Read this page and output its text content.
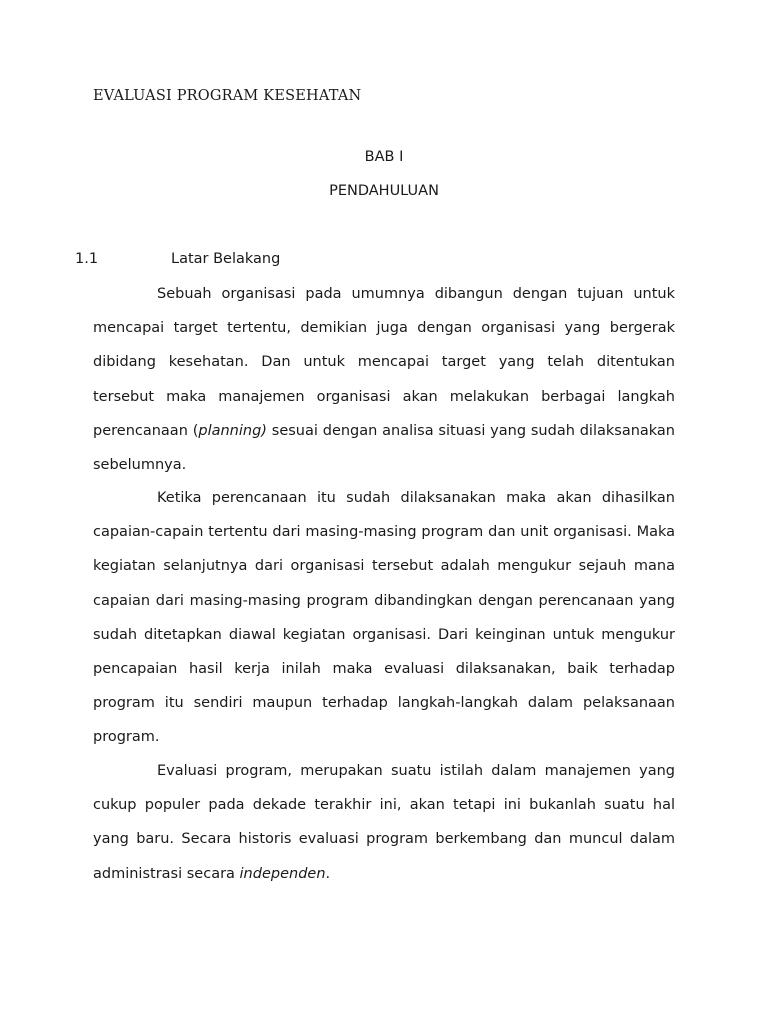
EVALUASI PROGRAM KESEHATAN
BAB I
PENDAHULUAN
1.1	Latar Belakang

Sebuah organisasi pada umumnya dibangun dengan tujuan untuk mencapai target tertentu, demikian juga dengan organisasi yang bergerak dibidang kesehatan. Dan untuk mencapai target yang telah ditentukan tersebut maka manajemen organisasi akan melakukan berbagai langkah perencanaan (planning) sesuai dengan analisa situasi yang sudah dilaksanakan sebelumnya.

Ketika perencanaan itu sudah dilaksanakan maka akan dihasilkan capaian-capain tertentu dari masing-masing program dan unit organisasi. Maka kegiatan selanjutnya dari organisasi tersebut adalah mengukur sejauh mana capaian dari masing-masing program dibandingkan dengan perencanaan yang sudah ditetapkan diawal kegiatan organisasi. Dari keinginan untuk mengukur pencapaian hasil kerja inilah maka evaluasi dilaksanakan, baik terhadap program itu sendiri maupun terhadap langkah-langkah dalam pelaksanaan program.

Evaluasi program, merupakan suatu istilah dalam manajemen yang cukup populer pada dekade terakhir ini, akan tetapi ini bukanlah suatu hal yang baru. Secara historis evaluasi program berkembang dan muncul dalam administrasi secara independen.
